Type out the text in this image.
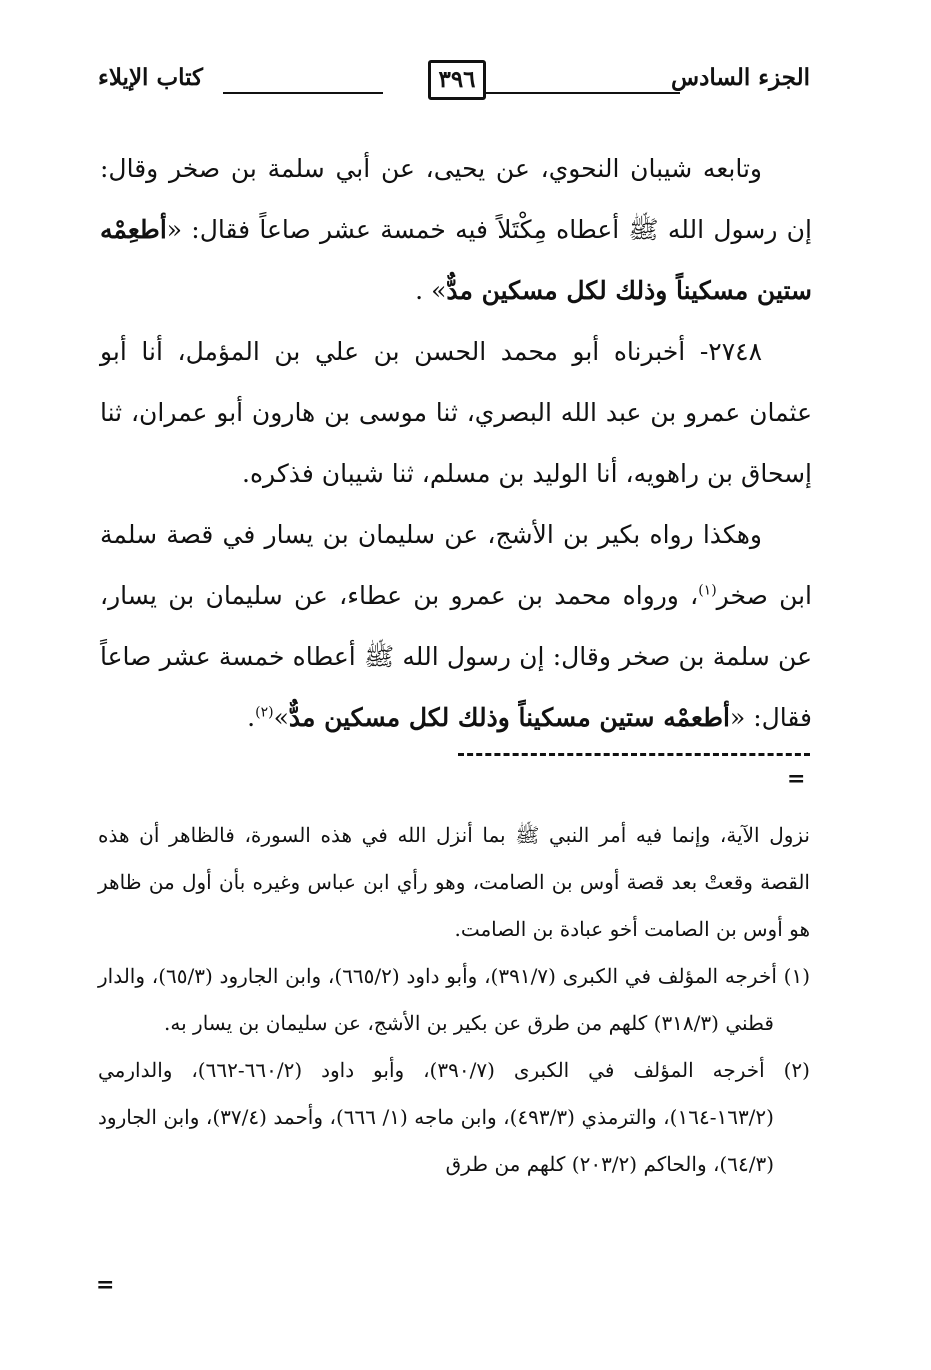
الجزء السادس
٣٩٦
كتاب الإيلاء

وتابعه شيبان النحوي، عن يحيى، عن أبي سلمة بن صخر وقال: إن رسول الله ﷺ أعطاه مِكْتَلاً فيه خمسة عشر صاعاً فقال: «أطعِمْه ستين مسكيناً وذلك لكل مسكين مدٌّ» .

٢٧٤٨- أخبرناه أبو محمد الحسن بن علي بن المؤمل، أنا أبو عثمان عمرو بن عبد الله البصري، ثنا موسى بن هارون أبو عمران، ثنا إسحاق بن راهويه، أنا الوليد بن مسلم، ثنا شيبان فذكره.

وهكذا رواه بكير بن الأشج، عن سليمان بن يسار في قصة سلمة ابن صخر$^{(١)}$، ورواه محمد بن عمرو بن عطاء، عن سليمان بن يسار، عن سلمة بن صخر وقال: إن رسول الله ﷺ أعطاه خمسة عشر صاعاً فقال: «أطعمْه ستين مسكيناً وذلك لكل مسكين مدٌّ»$^{(٢)}$.

=

نزول الآية، وإنما فيه أمر النبي ﷺ بما أنزل الله في هذه السورة، فالظاهر أن هذه القصة وقعتْ بعد قصة أوس بن الصامت، وهو رأي ابن عباس وغيره بأن أول من ظاهر هو أوس بن الصامت أخو عبادة بن الصامت.

(١) أخرجه المؤلف في الكبرى (٣٩١/٧)، وأبو داود (٦٦٥/٢)، وابن الجارود (٦٥/٣)، والدار قطني (٣١٨/٣) كلهم من طرق عن بكير بن الأشج، عن سليمان بن يسار به.

(٢) أخرجه المؤلف في الكبرى (٣٩٠/٧)، وأبو داود (٦٦٠/٢-٦٦٢)، والدارمي (١٦٣/٢-١٦٤)، والترمذي (٤٩٣/٣)، وابن ماجه (١/ ٦٦٦)، وأحمد (٣٧/٤)، وابن الجارود (٦٤/٣)، والحاكم (٢٠٣/٢) كلهم من طرق

=
